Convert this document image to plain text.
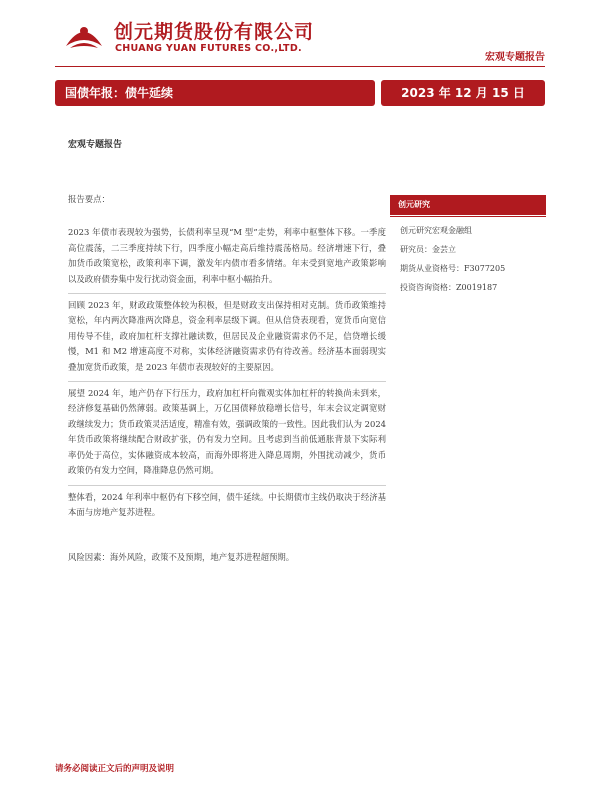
创元期货股份有限公司
CHUANG YUAN FUTURES CO.,LTD.
宏观专题报告
国债年报：债牛延续	2023 年 12 月 15 日
宏观专题报告

报告要点：

2023 年债市表现较为强势，长债利率呈现“M 型”走势，利率中枢整体下移。一季度高位震荡，二三季度持续下行，四季度小幅走高后维持震荡格局。经济增速下行，叠加货币政策宽松，政策利率下调，激发年内债市看多情绪。年末受到宽地产政策影响以及政府债券集中发行扰动资金面，利率中枢小幅抬升。

回顾 2023 年，财政政策整体较为积极，但是财政支出保持相对克制。货币政策维持宽松，年内两次降准两次降息，资金利率层级下调。但从信贷表现看，宽货币向宽信用传导不佳，政府加杠杆支撑社融读数，但居民及企业融资需求仍不足，信贷增长缓慢，M1 和 M2 增速高度不对称，实体经济融资需求仍有待改善。经济基本面弱现实叠加宽货币政策，是 2023 年债市表现较好的主要原因。

展望 2024 年，地产仍存下行压力，政府加杠杆向微观实体加杠杆的转换尚未到来，经济修复基础仍然薄弱。政策基调上，万亿国债释放稳增长信号，年末会议定调宽财政继续发力；货币政策灵活适度，精准有效，强调政策的一致性。因此我们认为 2024 年货币政策将继续配合财政扩张，仍有发力空间。且考虑到当前低通胀背景下实际利率仍处于高位，实体融资成本较高，而海外即将进入降息周期，外围扰动减少，货币政策仍有发力空间，降准降息仍然可期。

整体看，2024 年利率中枢仍有下移空间，债牛延续。中长期债市主线仍取决于经济基本面与房地产复苏进程。

风险因素：海外风险，政策不及预期，地产复苏进程超预期。

创元研究
创元研究宏观金融组
研究员：金芸立
期货从业资格号：F3077205
投资咨询资格：Z0019187
请务必阅读正文后的声明及说明
